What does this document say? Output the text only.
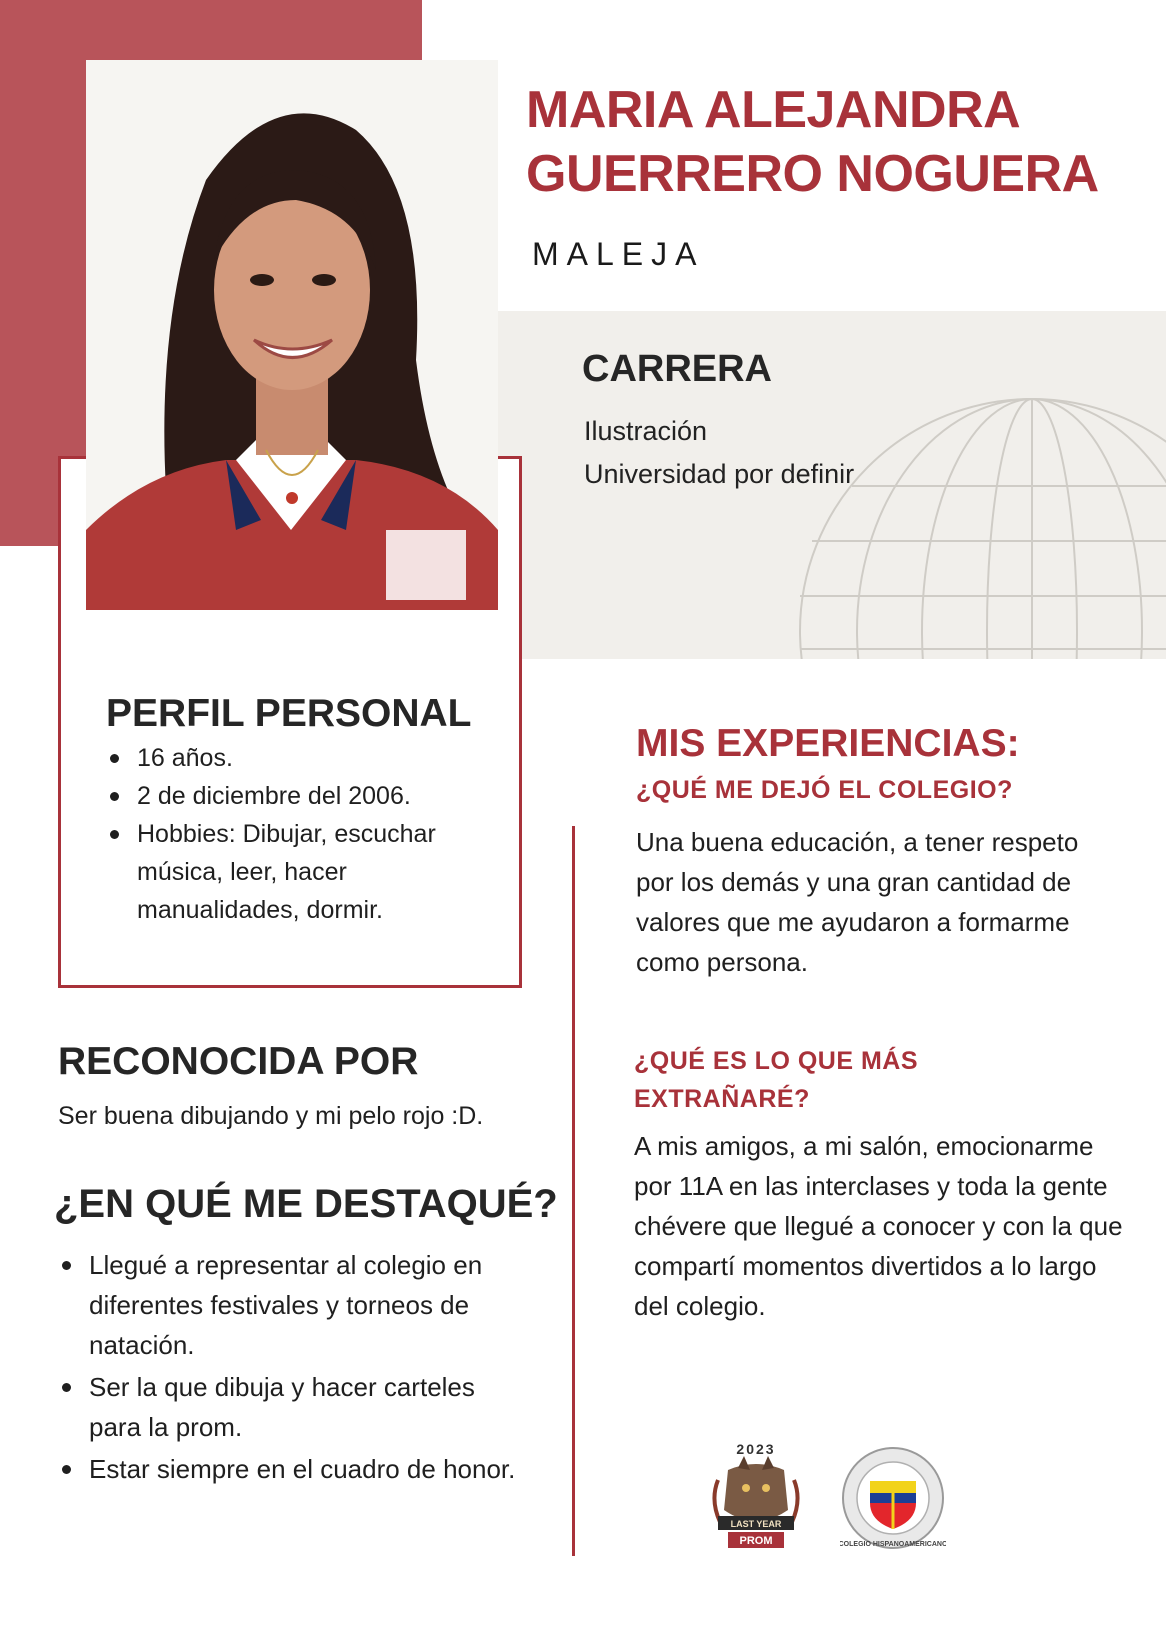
MARIA ALEJANDRA
GUERRERO NOGUERA
MALEJA
CARRERA
Ilustración
Universidad por definir
PERFIL PERSONAL
16 años.
2 de diciembre del 2006.
Hobbies: Dibujar, escuchar música, leer, hacer manualidades, dormir.
RECONOCIDA POR
Ser buena dibujando y mi pelo rojo :D.
¿EN QUÉ ME DESTAQUÉ?
Llegué a representar al colegio en diferentes festivales y torneos de natación.
Ser la que dibuja y hacer carteles para la prom.
Estar siempre en el cuadro de honor.
MIS EXPERIENCIAS:
¿QUÉ ME DEJÓ EL COLEGIO?
Una buena educación, a tener respeto por los demás y una gran cantidad de valores que me ayudaron a formarme como persona.
¿QUÉ ES LO QUE MÁS EXTRAÑARÉ?
A mis amigos, a mi salón, emocionarme por 11A en las interclases y toda la gente chévere que llegué a conocer y con la que compartí momentos divertidos a lo largo del colegio.
2023
LAST YEAR
PROM	COLEGIO HISPANOAMERICANO
